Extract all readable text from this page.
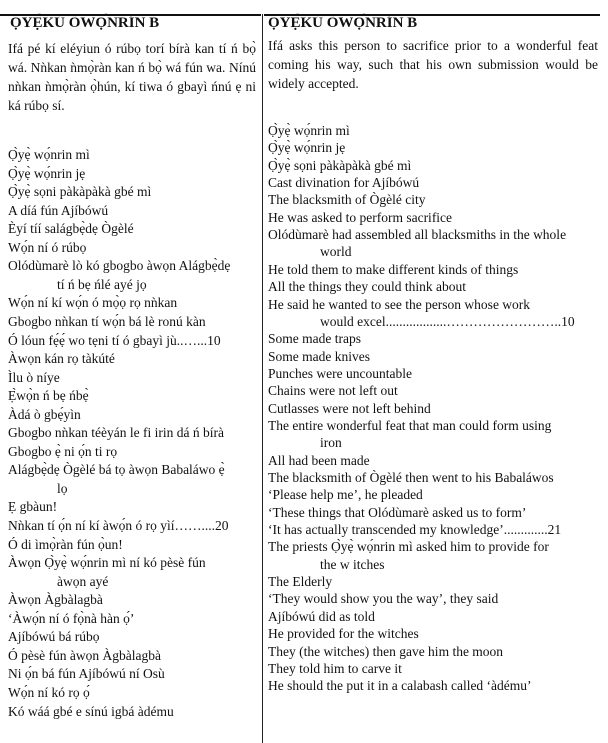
ỌYẸ̀KÚ ÒWỌ́NRÍN B
Ifá pé kí eléyiun ó rúbọ torí bírà kan tí ń bọ̀ wá. Nǹkan ǹmọ̀ràn kan ń bọ̀ wá fún wa. Nínú nǹkan ǹmọ̀ràn ọ̀hún, kí tiwa ó gbayì ńnú ẹ ni ká rúbọ sí.
Ọ̀yẹ̀ wọ́nrin mì
Ọ̀yẹ̀ wọ́nrin jẹ
Ọ̀yẹ̀ sọni pàkàpàkà gbé mì
A díá fún Ajíbówú
Èyí tíí salágbẹ̀dẹ Ògèlé
Wọ́n ní ó rúbọ
Olódùmarè lò kó gbogbo àwọn Alágbẹ̀dẹ
tí ń bẹ ńlé ayé jọ
Wọ́n ní kí wọ́n ó mọ̀ọ rọ nǹkan
Gbogbo nǹkan tí wọ́n bá lè ronú kàn
Ó lóun fẹ́ẹ́ wo tẹni tí ó gbayì jù..…...10
Àwọn kán rọ tàkúté
Ìlu ò níye
Ẹ̀wọ̀n ń bẹ ńbẹ̀
Àdá ò gbẹ́yìn
Gbogbo nǹkan téèyán le fi irin dá ń bírà
Gbogbo ẹ̀ ni ọ́n ti rọ
Alágbẹ̀dẹ Ògèlé bá tọ àwọn Babaláwo ẹ̀
lọ
Ẹ gbàun!
Nǹkan tí ọ́n ní kí àwọ́n ó rọ yìí……....20
Ó di ìmọ̀ràn fún ọ̀un!
Àwọn Ọ̀yẹ̀ wọ́nrin mì ní kó pèsè fún
àwọn ayé
Àwọn Àgbàlagbà
‘Àwọ́n ní ó fọ̀nà hàn ọ́’
Ajíbówú bá rúbọ
Ó pèsè fún àwọn Àgbàlagbà
Ni ọ́n bá fún Ajíbówú ní Osù
Wọ́n ní kó rọ ọ́
Kó wáá gbé e sínú igbá àdému
ỌYẸ̀KÚ ÒWỌ́NRÍN B
Ifá asks this person to sacrifice prior to a wonderful feat coming his way, such that his own submission would be widely accepted.
Ọ̀yẹ̀ wọ́nrin mì
Ọ̀yẹ̀ wọ́nrin jẹ
Ọ̀yẹ̀ sọni pàkàpàkà gbé mì
Cast divination for Ajíbówú
The blacksmith of Ògèlé city
He was asked to perform sacrifice
Olódùmarè had assembled all blacksmiths in the whole
world
He told them to make different kinds of things
All the things they could think about
He said he wanted to see the person whose work
would excel..................……………………..10
Some made traps
Some made knives
Punches were uncountable
Chains were not left out
Cutlasses were not left behind
The entire wonderful feat that man could form using
iron
All had been made
The blacksmith of Ògèlé then went to his Babaláwos
‘Please help me’, he pleaded
‘These things that Olódùmarè asked us to form’
‘It has actually transcended my knowledge’.............21
The priests Ọ̀yẹ̀ wọ́nrin mì asked him to provide for
the w itches
The Elderly
‘They would show you the way’, they said
Ajíbówú did as told
He provided for the witches
They (the witches) then gave him the moon
They told him to carve it
He should the put it in a calabash called ‘àdému’
